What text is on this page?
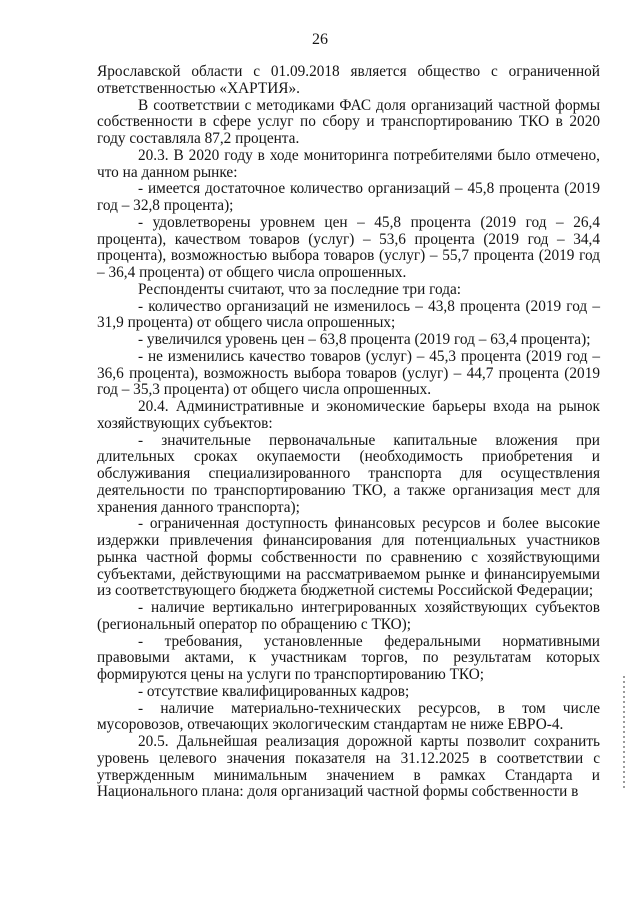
26

Ярославской области с 01.09.2018 является общество с ограниченной ответственностью «ХАРТИЯ».

В соответствии с методиками ФАС доля организаций частной формы собственности в сфере услуг по сбору и транспортированию ТКО в 2020 году составляла 87,2 процента.

20.3. В 2020 году в ходе мониторинга потребителями было отмечено, что на данном рынке:

- имеется достаточное количество организаций – 45,8 процента (2019 год – 32,8 процента);

- удовлетворены уровнем цен – 45,8 процента (2019 год – 26,4 процента), качеством товаров (услуг) – 53,6 процента (2019 год – 34,4 процента), возможностью выбора товаров (услуг) – 55,7 процента (2019 год – 36,4 процента) от общего числа опрошенных.

Респонденты считают, что за последние три года:

- количество организаций не изменилось – 43,8 процента (2019 год – 31,9 процента) от общего числа опрошенных;

- увеличился уровень цен – 63,8 процента (2019 год – 63,4 процента);

- не изменились качество товаров (услуг) – 45,3 процента (2019 год – 36,6 процента), возможность выбора товаров (услуг) – 44,7 процента (2019 год – 35,3 процента) от общего числа опрошенных.

20.4. Административные и экономические барьеры входа на рынок хозяйствующих субъектов:

- значительные первоначальные капитальные вложения при длительных сроках окупаемости (необходимость приобретения и обслуживания специализированного транспорта для осуществления деятельности по транспортированию ТКО, а также организация мест для хранения данного транспорта);

- ограниченная доступность финансовых ресурсов и более высокие издержки привлечения финансирования для потенциальных участников рынка частной формы собственности по сравнению с хозяйствующими субъектами, действующими на рассматриваемом рынке и финансируемыми из соответствующего бюджета бюджетной системы Российской Федерации;

- наличие вертикально интегрированных хозяйствующих субъектов (региональный оператор по обращению с ТКО);

- требования, установленные федеральными нормативными правовыми актами, к участникам торгов, по результатам которых формируются цены на услуги по транспортированию ТКО;

- отсутствие квалифицированных кадров;

- наличие материально-технических ресурсов, в том числе мусоровозов, отвечающих экологическим стандартам не ниже ЕВРО-4.

20.5. Дальнейшая реализация дорожной карты позволит сохранить уровень целевого значения показателя на 31.12.2025 в соответствии с утвержденным минимальным значением в рамках Стандарта и Национального плана: доля организаций частной формы собственности в
